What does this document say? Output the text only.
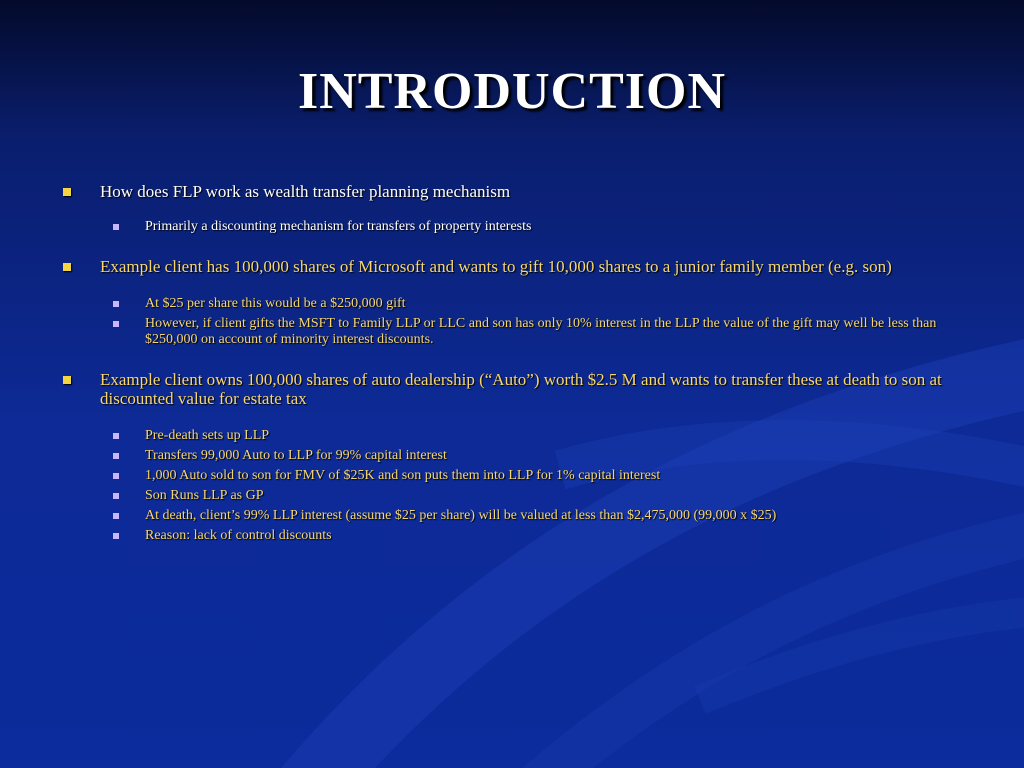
INTRODUCTION
How does FLP work as wealth transfer planning mechanism
Primarily a discounting mechanism for transfers of property interests
Example client has 100,000 shares of Microsoft and wants to gift 10,000 shares to a junior family member (e.g. son)
At $25 per share this would be a $250,000 gift
However, if client gifts the MSFT to Family LLP or LLC and son has only 10% interest in the LLP the value of the gift may well be less than $250,000 on account of minority interest discounts.
Example client owns 100,000 shares of auto dealership (“Auto”) worth $2.5 M and wants to transfer these at death to son at discounted value for estate tax
Pre-death sets up LLP
Transfers 99,000 Auto to LLP for 99% capital interest
1,000 Auto sold to son for FMV of $25K and son puts them into LLP for 1% capital interest
Son Runs LLP as GP
At death, client’s 99% LLP interest (assume $25 per share) will be valued at less than $2,475,000 (99,000 x $25)
Reason: lack of control discounts
